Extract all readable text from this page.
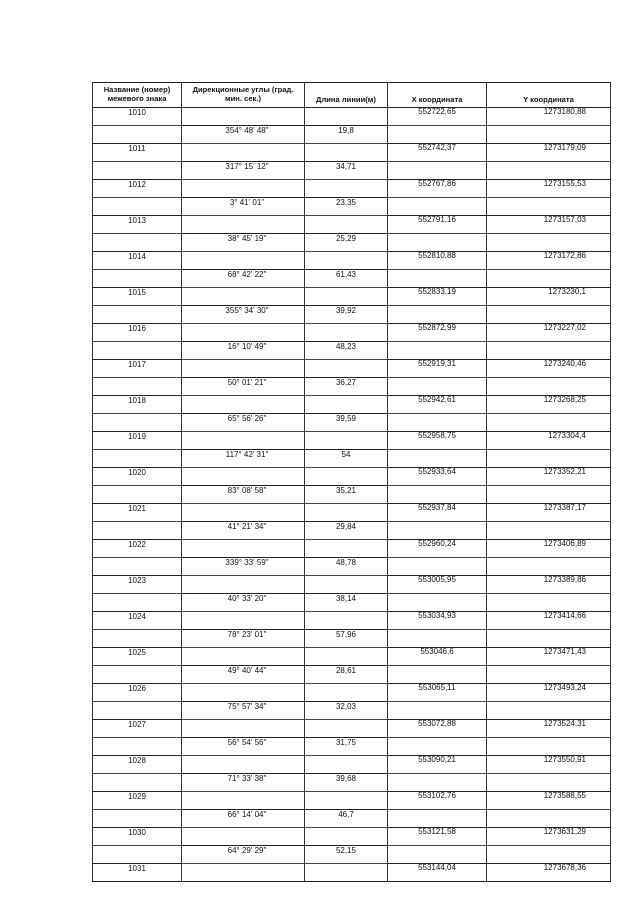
Название (номер) межевого знака	Дирекционные углы (град. мин. сек.)	Длина линии(м)	X координата	Y координата
1010			552722,65	1273180,88
	354° 48' 48"	19,8		
1011			552742,37	1273179,09
	317° 15' 12"	34,71		
1012			552767,86	1273155,53
	3° 41' 01"	23,35		
1013			552791,16	1273157,03
	38° 45' 19"	25,29		
1014			552810,88	1273172,86
	68° 42' 22"	61,43		
1015			552833,19	1273230,1
	355° 34' 30"	39,92		
1016			552872,99	1273227,02
	16° 10' 49"	48,23		
1017			552919,31	1273240,46
	50° 01' 21"	36,27		
1018			552942,61	1273268,25
	65° 56' 26"	39,59		
1019			552958,75	1273304,4
	117° 42' 31"	54		
1020			552933,64	1273352,21
	83° 08' 58"	35,21		
1021			552937,84	1273387,17
	41° 21' 34"	29,84		
1022			552960,24	1273406,89
	339° 33' 59"	48,78		
1023			553005,95	1273389,86
	40° 33' 20"	38,14		
1024			553034,93	1273414,66
	78° 23' 01"	57,96		
1025			553046,6	1273471,43
	49° 40' 44"	28,61		
1026			553065,11	1273493,24
	75° 57' 34"	32,03		
1027			553072,88	1273524,31
	56° 54' 56"	31,75		
1028			553090,21	1273550,91
	71° 33' 38"	39,68		
1029			553102,76	1273588,55
	66° 14' 04"	46,7		
1030			553121,58	1273631,29
	64° 29' 29"	52,15		
1031			553144,04	1273678,36
